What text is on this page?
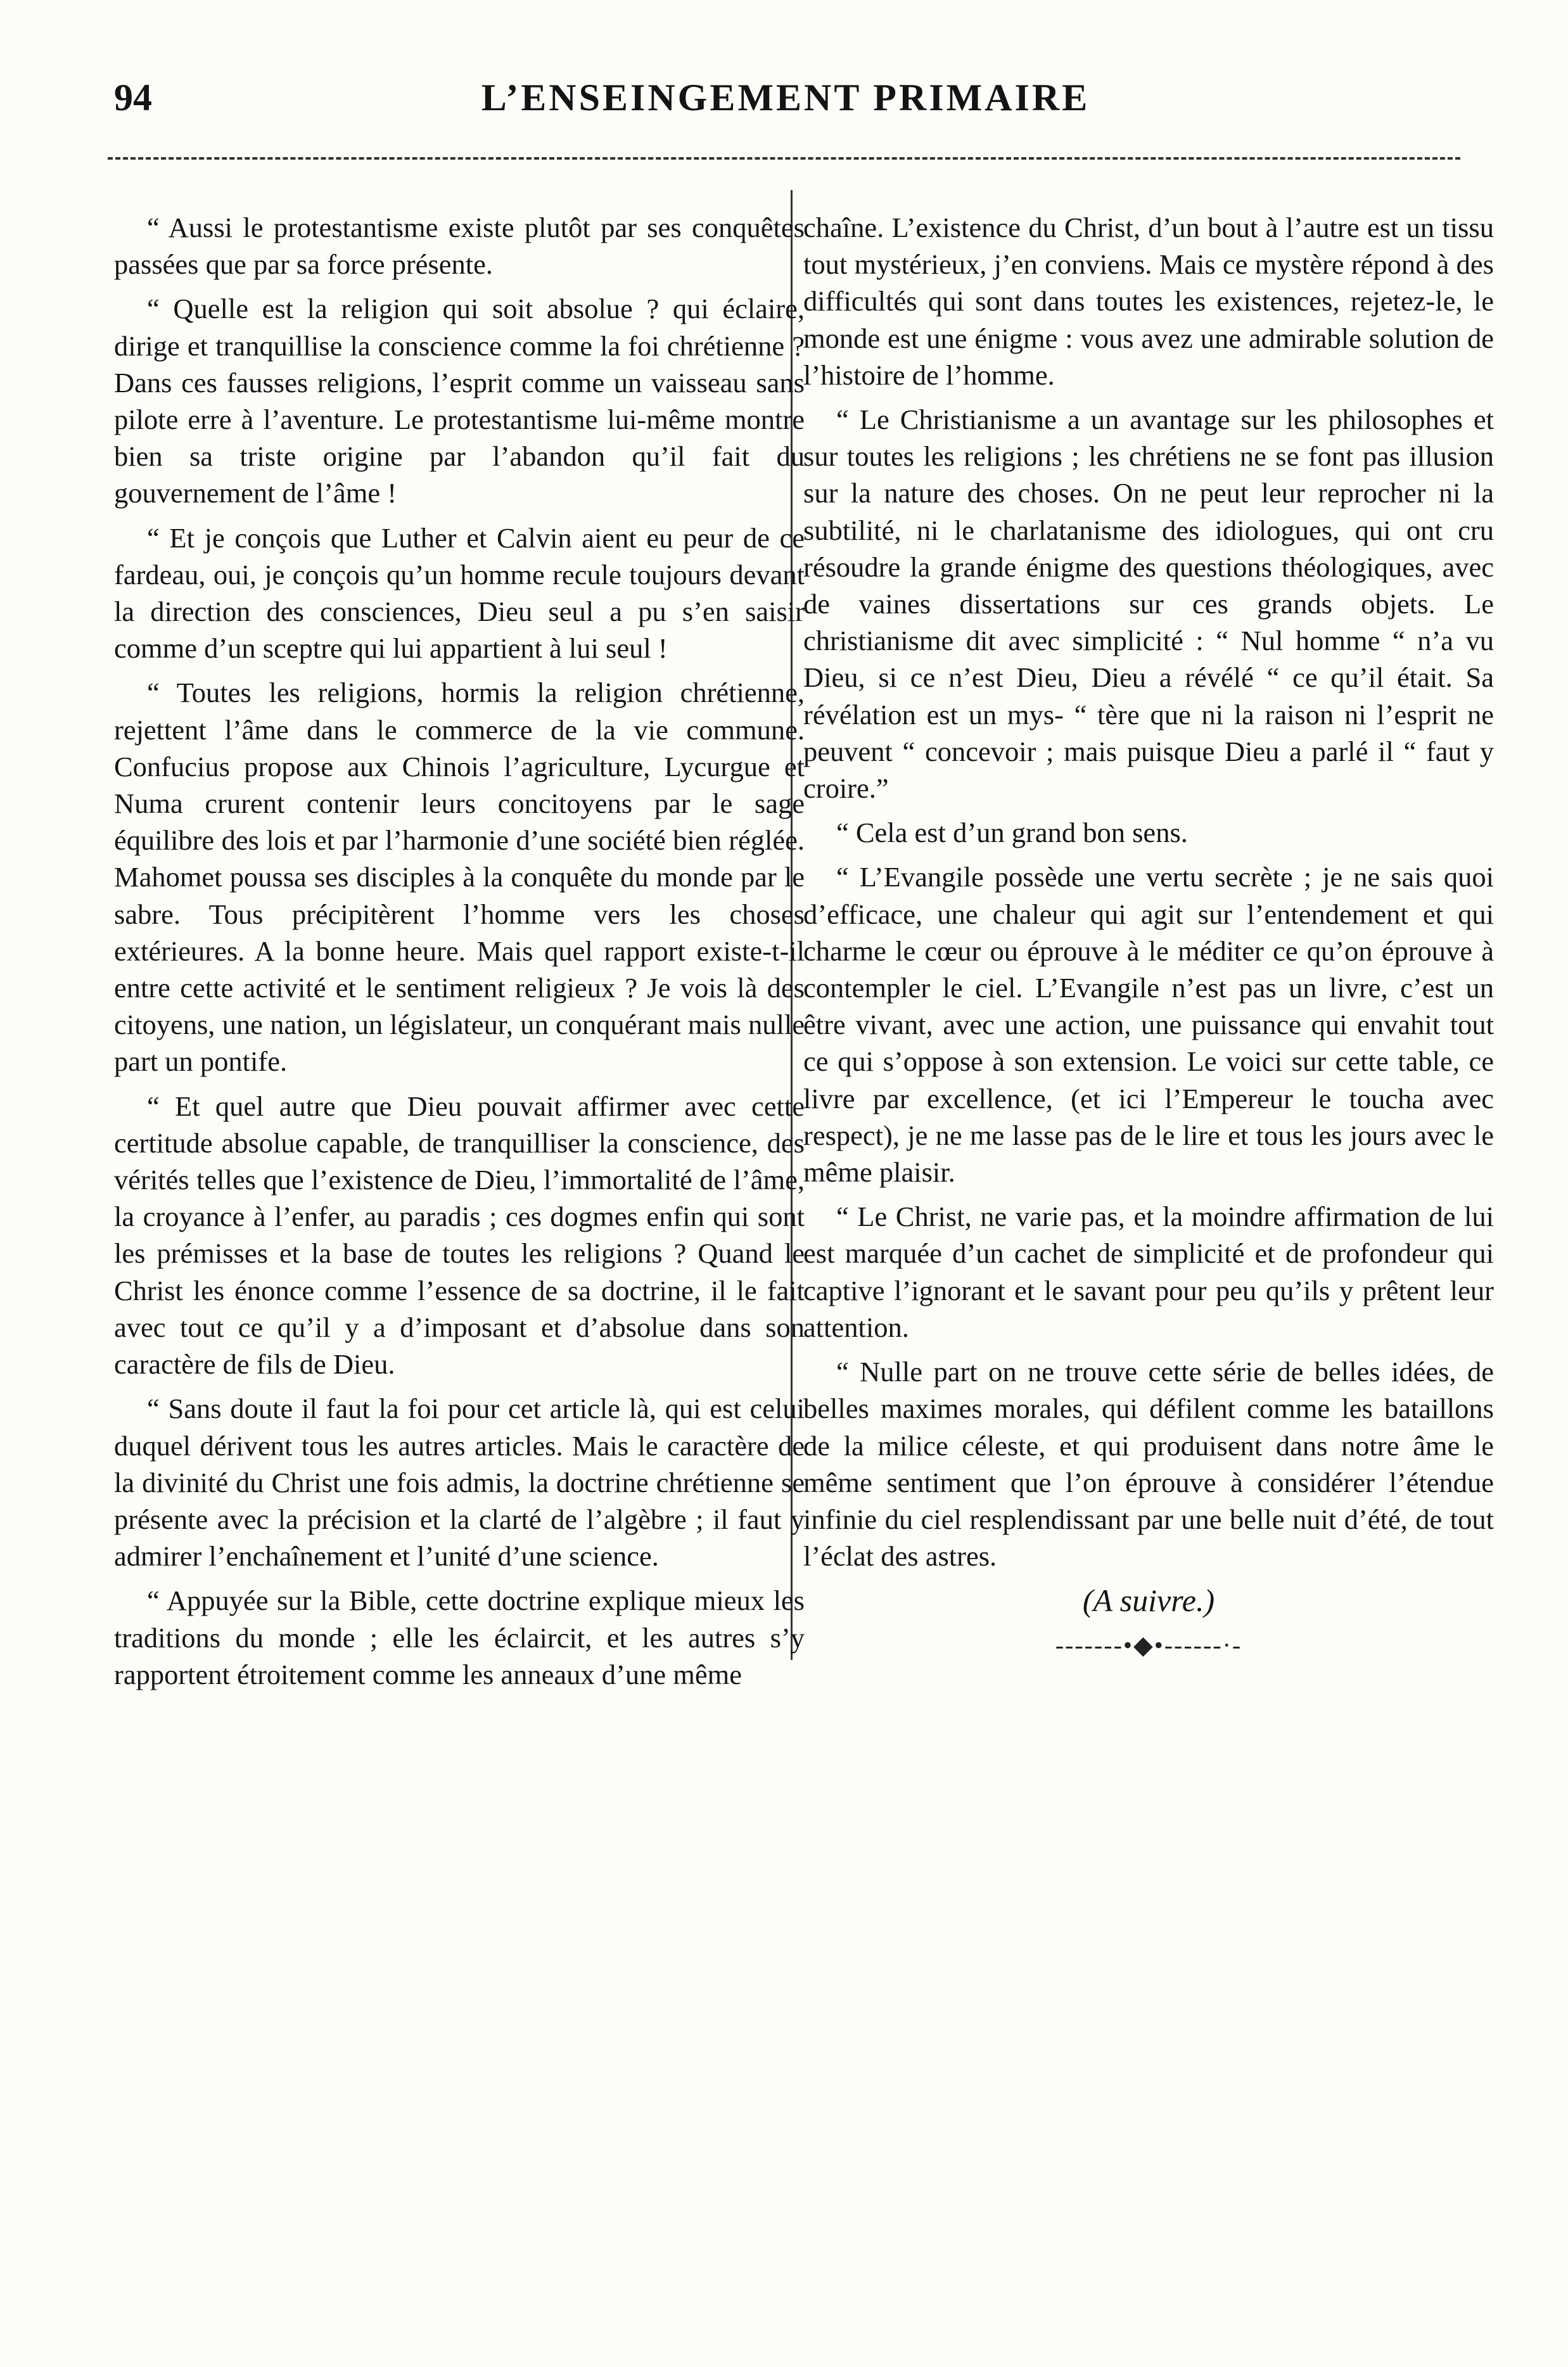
94	L’ENSEINGEMENT PRIMAIRE

“ Aussi le protestantisme existe plutôt par ses conquêtes passées que par sa force présente.

“ Quelle est la religion qui soit absolue ? qui éclaire, dirige et tranquillise la conscience comme la foi chrétienne ? Dans ces fausses religions, l’esprit comme un vaisseau sans pilote erre à l’aventure. Le protestantisme lui-même montre bien sa triste origine par l’abandon qu’il fait du gouvernement de l’âme !

“ Et je conçois que Luther et Calvin aient eu peur de ce fardeau, oui, je conçois qu’un homme recule toujours devant la direction des consciences, Dieu seul a pu s’en saisir comme d’un sceptre qui lui appartient à lui seul !

“ Toutes les religions, hormis la religion chrétienne, rejettent l’âme dans le commerce de la vie commune. Confucius propose aux Chinois l’agriculture, Lycurgue et Numa crurent contenir leurs concitoyens par le sage équilibre des lois et par l’harmonie d’une société bien réglée. Mahomet poussa ses disciples à la conquête du monde par le sabre. Tous précipitèrent l’homme vers les choses extérieures. A la bonne heure. Mais quel rapport existe-t-il entre cette activité et le sentiment religieux ? Je vois là des citoyens, une nation, un législateur, un conquérant mais nulle part un pontife.

“ Et quel autre que Dieu pouvait affirmer avec cette certitude absolue capable, de tranquilliser la conscience, des vérités telles que l’existence de Dieu, l’immortalité de l’âme, la croyance à l’enfer, au paradis ; ces dogmes enfin qui sont les prémisses et la base de toutes les religions ? Quand le Christ les énonce comme l’essence de sa doctrine, il le fait avec tout ce qu’il y a d’imposant et d’absolue dans son caractère de fils de Dieu.

“ Sans doute il faut la foi pour cet article là, qui est celui duquel dérivent tous les autres articles. Mais le caractère de la divinité du Christ une fois admis, la doctrine chrétienne se présente avec la précision et la clarté de l’algèbre ; il faut y admirer l’enchaînement et l’unité d’une science.

“ Appuyée sur la Bible, cette doctrine explique mieux les traditions du monde ; elle les éclaircit, et les autres s’y rapportent étroitement comme les anneaux d’une même

chaîne. L’existence du Christ, d’un bout à l’autre est un tissu tout mystérieux, j’en conviens. Mais ce mystère répond à des difficultés qui sont dans toutes les existences, rejetez-le, le monde est une énigme : vous avez une admirable solution de l’histoire de l’homme.

“ Le Christianisme a un avantage sur les philosophes et sur toutes les religions ; les chrétiens ne se font pas illusion sur la nature des choses. On ne peut leur reprocher ni la subtilité, ni le charlatanisme des idiologues, qui ont cru résoudre la grande énigme des questions théologiques, avec de vaines dissertations sur ces grands objets. Le christianisme dit avec simplicité : “ Nul homme “ n’a vu Dieu, si ce n’est Dieu, Dieu a révélé “ ce qu’il était. Sa révélation est un mys- “ tère que ni la raison ni l’esprit ne peuvent “ concevoir ; mais puisque Dieu a parlé il “ faut y croire.”

“ Cela est d’un grand bon sens.

“ L’Evangile possède une vertu secrète ; je ne sais quoi d’efficace, une chaleur qui agit sur l’entendement et qui charme le cœur ou éprouve à le méditer ce qu’on éprouve à contempler le ciel. L’Evangile n’est pas un livre, c’est un être vivant, avec une action, une puissance qui envahit tout ce qui s’oppose à son extension. Le voici sur cette table, ce livre par excellence, (et ici l’Empereur le toucha avec respect), je ne me lasse pas de le lire et tous les jours avec le même plaisir.

“ Le Christ, ne varie pas, et la moindre affirmation de lui est marquée d’un cachet de simplicité et de profondeur qui captive l’ignorant et le savant pour peu qu’ils y prêtent leur attention.

“ Nulle part on ne trouve cette série de belles idées, de belles maximes morales, qui défilent comme les bataillons de la milice céleste, et qui produisent dans notre âme le même sentiment que l’on éprouve à considérer l’étendue infinie du ciel resplendissant par une belle nuit d’été, de tout l’éclat des astres.

(A suivre.)

-------•◆•------·-
